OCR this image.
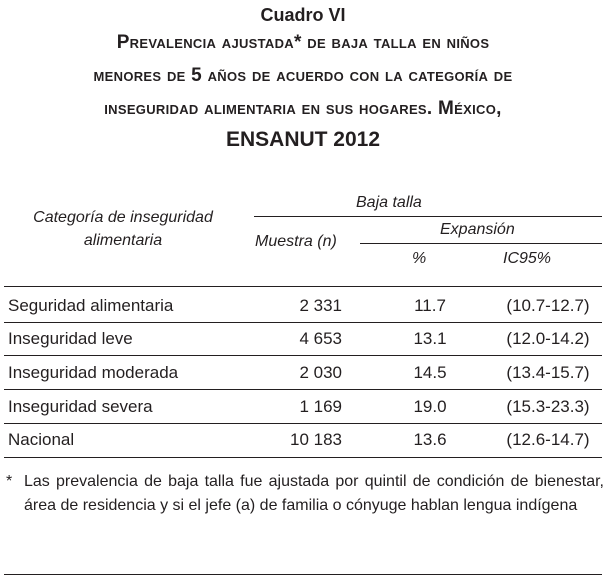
Cuadro VI
Prevalencia ajustada* de baja talla en niños
menores de 5 años de acuerdo con la categoría de
inseguridad alimentaria en sus hogares. México,
ENSANUT 2012
Categoría de inseguridad alimentaria
Baja talla
Expansión
Muestra (n)
%	IC95%
Seguridad alimentaria	2 331	11.7	(10.7-12.7)
Inseguridad leve	4 653	13.1	(12.0-14.2)
Inseguridad moderada	2 030	14.5	(13.4-15.7)
Inseguridad severa	1 169	19.0	(15.3-23.3)
Nacional	10 183	13.6	(12.6-14.7)
* Las prevalencia de baja talla fue ajustada por quintil de condición de bienestar, área de residencia y si el jefe (a) de familia o cónyuge hablan lengua indígena
